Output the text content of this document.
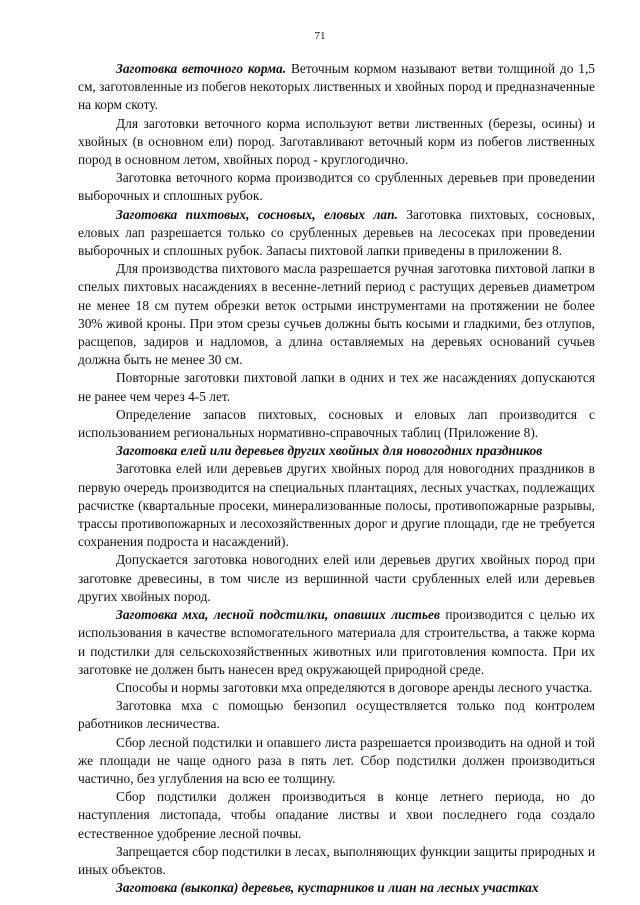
71

Заготовка веточного корма. Веточным кормом называют ветви толщиной до 1,5 см, заготовленные из побегов некоторых лиственных и хвойных пород и предназначенные на корм скоту.

Для заготовки веточного корма используют ветви лиственных (березы, осины) и хвойных (в основном ели) пород. Заготавливают веточный корм из побегов лиственных пород в основном летом, хвойных пород - круглогодично.

Заготовка веточного корма производится со срубленных деревьев при проведении выборочных и сплошных рубок.

Заготовка пихтовых, сосновых, еловых лап. Заготовка пихтовых, сосновых, еловых лап разрешается только со срубленных деревьев на лесосеках при проведении выборочных и сплошных рубок. Запасы пихтовой лапки приведены в приложении 8.

Для производства пихтового масла разрешается ручная заготовка пихтовой лапки в спелых пихтовых насаждениях в весенне-летний период с растущих деревьев диаметром не менее 18 см путем обрезки веток острыми инструментами на протяжении не более 30% живой кроны. При этом срезы сучьев должны быть косыми и гладкими, без отлупов, расщепов, задиров и надломов, а длина оставляемых на деревьях оснований сучьев должна быть не менее 30 см.

Повторные заготовки пихтовой лапки в одних и тех же насаждениях допускаются не ранее чем через 4-5 лет.

Определение запасов пихтовых, сосновых и еловых лап производится с использованием региональных нормативно-справочных таблиц (Приложение 8).

Заготовка елей или деревьев других хвойных для новогодних праздников

Заготовка елей или деревьев других хвойных пород для новогодних праздников в первую очередь производится на специальных плантациях, лесных участках, подлежащих расчистке (квартальные просеки, минерализованные полосы, противопожарные разрывы, трассы противопожарных и лесохозяйственных дорог и другие площади, где не требуется сохранения подроста и насаждений).

Допускается заготовка новогодних елей или деревьев других хвойных пород при заготовке древесины, в том числе из вершинной части срубленных елей или деревьев других хвойных пород.

Заготовка мха, лесной подстилки, опавших листьев производится с целью их использования в качестве вспомогательного материала для строительства, а также корма и подстилки для сельскохозяйственных животных или приготовления компоста. При их заготовке не должен быть нанесен вред окружающей природной среде.

Способы и нормы заготовки мха определяются в договоре аренды лесного участка.

Заготовка мха с помощью бензопил осуществляется только под контролем работников лесничества.

Сбор лесной подстилки и опавшего листа разрешается производить на одной и той же площади не чаще одного раза в пять лет. Сбор подстилки должен производиться частично, без углубления на всю ее толщину.

Сбор подстилки должен производиться в конце летнего периода, но до наступления листопада, чтобы опадание листвы и хвои последнего года создало естественное удобрение лесной почвы.

Запрещается сбор подстилки в лесах, выполняющих функции защиты природных и иных объектов.

Заготовка (выкопка) деревьев, кустарников и лиан на лесных участках
